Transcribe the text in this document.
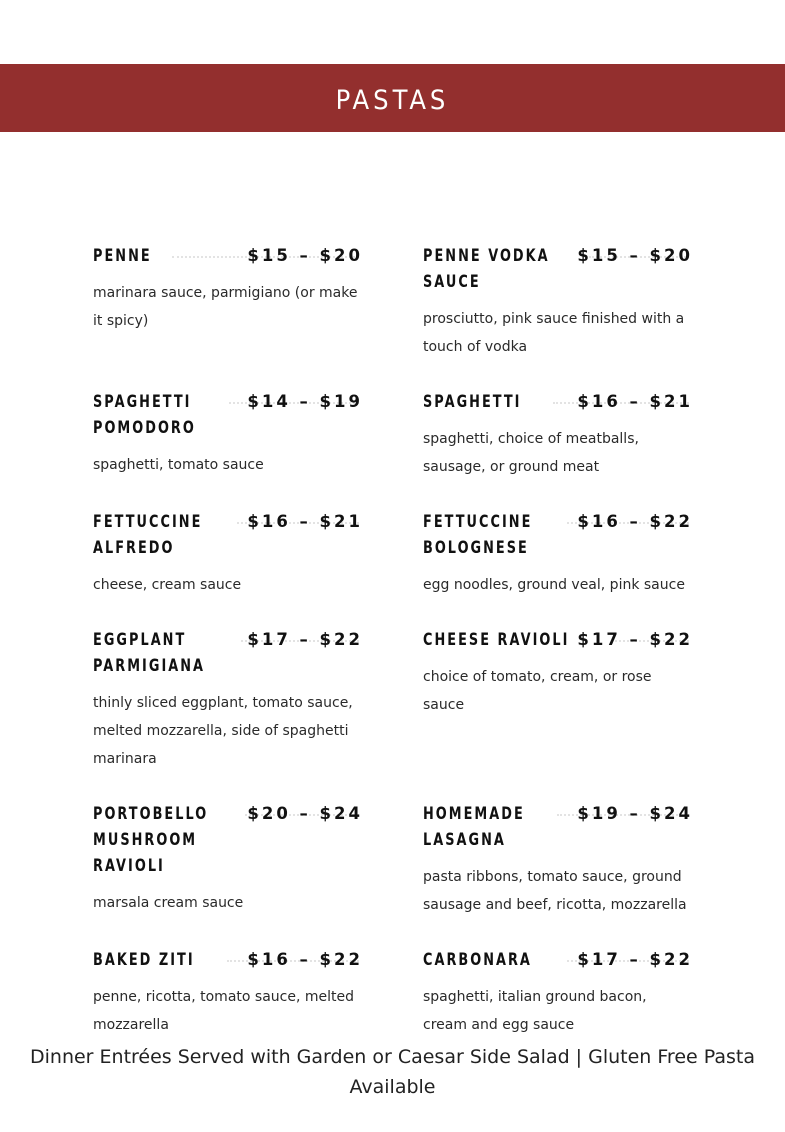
PASTAS
PENNE	$15 – $20

marinara sauce, parmigiano (or make it spicy)

SPAGHETTI
POMODORO
$14 – $19

spaghetti, tomato sauce

FETTUCCINE
ALFREDO
$16 – $21

cheese, cream sauce

EGGPLANT
PARMIGIANA
$17 – $22

thinly sliced eggplant, tomato sauce, melted mozzarella, side of spaghetti marinara

PORTOBELLO
MUSHROOM
RAVIOLI
$20 – $24

marsala cream sauce

BAKED ZITI	$16 – $22

penne, ricotta, tomato sauce, melted mozzarella

PENNE VODKA
SAUCE
$15 – $20

prosciutto, pink sauce finished with a touch of vodka

SPAGHETTI	$16 – $21

spaghetti, choice of meatballs, sausage, or ground meat

FETTUCCINE
BOLOGNESE
$16 – $22

egg noodles, ground veal, pink sauce

CHEESE RAVIOLI $17 – $22

choice of tomato, cream, or rose sauce

HOMEMADE
LASAGNA
$19 – $24

pasta ribbons, tomato sauce, ground sausage and beef, ricotta, mozzarella

CARBONARA	$17 – $22

spaghetti, italian ground bacon, cream and egg sauce

Dinner Entrées Served with Garden or Caesar Side Salad | Gluten Free Pasta Available
